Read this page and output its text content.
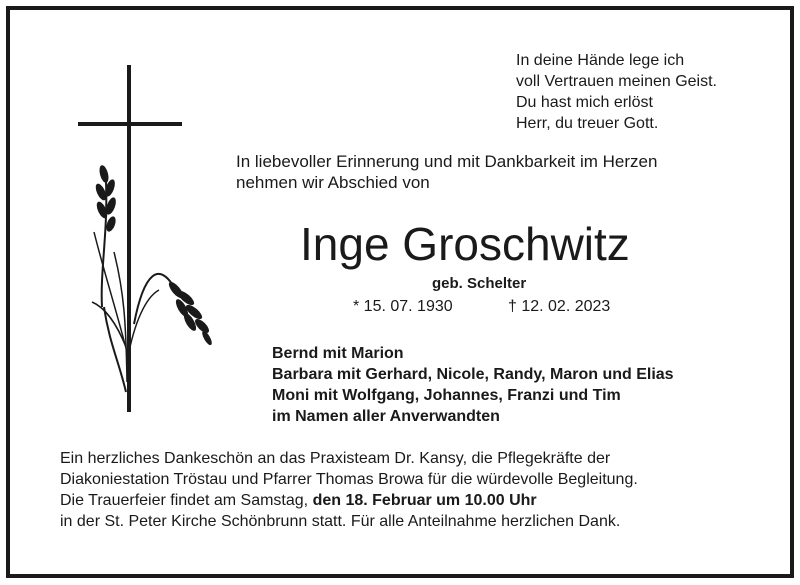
In deine Hände lege ich
voll Vertrauen meinen Geist.
Du hast mich erlöst
Herr, du treuer Gott.
In liebevoller Erinnerung und mit Dankbarkeit im Herzen
nehmen wir Abschied von
Inge Groschwitz
geb. Schelter
* 15. 07. 1930	† 12. 02. 2023
Bernd mit Marion
Barbara mit Gerhard, Nicole, Randy, Maron und Elias
Moni mit Wolfgang, Johannes, Franzi und Tim
im Namen aller Anverwandten
Ein herzliches Dankeschön an das Praxisteam Dr. Kansy, die Pflegekräfte der
Diakoniestation Tröstau und Pfarrer Thomas Browa für die würdevolle Begleitung.
Die Trauerfeier findet am Samstag, den 18. Februar um 10.00 Uhr
in der St. Peter Kirche Schönbrunn statt. Für alle Anteilnahme herzlichen Dank.
